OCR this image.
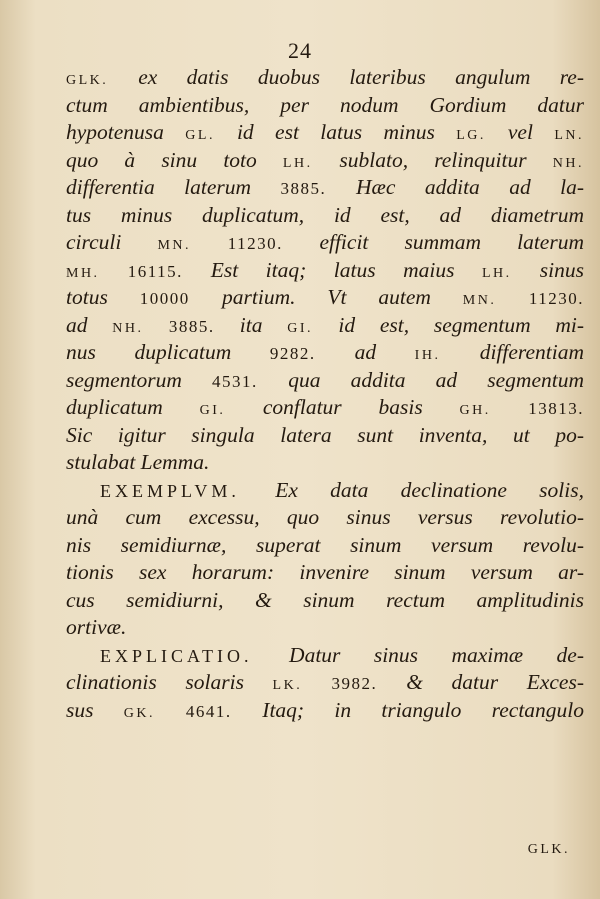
24
GLK. ex datis duobus lateribus angulum re-
ctum ambientibus, per nodum Gordium datur
hypotenusa GL. id est latus minus LG. vel LN.
quo à sinu toto LH. sublato, relinquitur NH.
differentia laterum 3885. Hæc addita ad la-
tus minus duplicatum, id est, ad diametrum
circuli MN. 11230. efficit summam laterum
MH. 16115. Est itaq; latus maius LH. sinus
totus 10000 partium. Vt autem MN. 11230.
ad NH. 3885. ita GI. id est, segmentum mi-
nus duplicatum 9282. ad IH. differentiam
segmentorum 4531. qua addita ad segmentum
duplicatum GI. conflatur basis GH. 13813.
Sic igitur singula latera sunt inventa, ut po-
stulabat Lemma.
EXEMPLVM. Ex data declinatione solis,
unà cum excessu, quo sinus versus revolutio-
nis semidiurnæ, superat sinum versum revolu-
tionis sex horarum: invenire sinum versum ar-
cus semidiurni, & sinum rectum amplitudinis
ortivæ.
EXPLICATIO. Datur sinus maximæ de-
clinationis solaris LK. 3982. & datur Exces-
sus GK. 4641. Itaq; in triangulo rectangulo
GLK.
